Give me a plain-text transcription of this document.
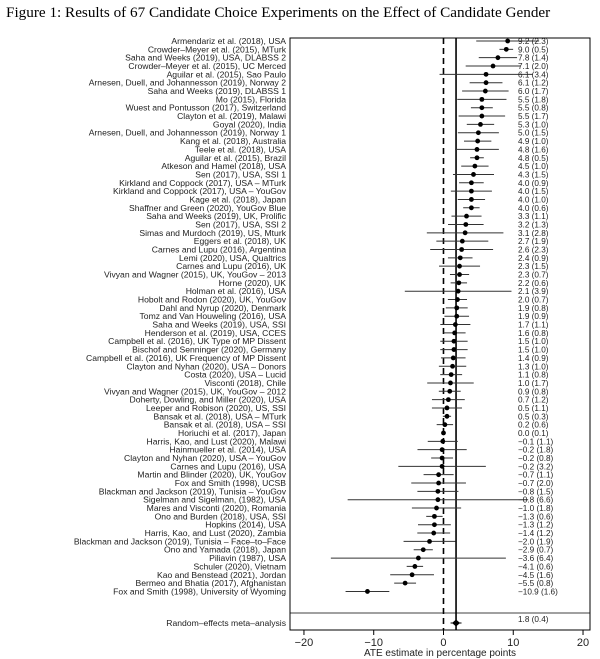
Figure 1: Results of 67 Candidate Choice Experiments on the Effect of Candidate Gender
Armendariz et al. (2018), USA	9.2 (2.3)
Crowder–Meyer et al. (2015), MTurk	9.0 (0.5)
Saha and Weeks (2019), USA, DLABSS 2	7.8 (1.4)
Crowder–Meyer et al. (2015), UC Merced	7.1 (2.0)
Aguilar et al. (2015), Sao Paulo	6.1 (3.4)
Arnesen, Duell, and Johannesson (2019), Norway 2	6.1 (1.2)
Saha and Weeks (2019), DLABSS 1	6.0 (1.7)
Mo (2015), Florida	5.5 (1.8)
Wuest and Pontusson (2017), Switzerland	5.5 (0.8)
Clayton et al. (2019), Malawi	5.5 (1.7)
Goyal (2020), India	5.3 (1.0)
Arnesen, Duell, and Johannesson (2019), Norway 1	5.0 (1.5)
Kang et al. (2018), Australia	4.9 (1.0)
Teele et al. (2018), USA	4.8 (1.6)
Aguilar et al. (2015), Brazil	4.8 (0.5)
Atkeson and Hamel (2018), USA	4.5 (1.0)
Sen (2017), USA, SSI 1	4.3 (1.5)
Kirkland and Coppock (2017), USA – MTurk	4.0 (0.9)
Kirkland and Coppock (2017), USA – YouGov	4.0 (1.5)
Kage et al. (2018), Japan	4.0 (1.0)
Shaffner and Green (2020), YouGov Blue	4.0 (0.6)
Saha and Weeks (2019), UK, Prolific	3.3 (1.1)
Sen (2017), USA, SSI 2	3.2 (1.3)
Simas and Murdoch (2019), US, Mturk	3.1 (2.8)
Eggers et al. (2018), UK	2.7 (1.9)
Carnes and Lupu (2016), Argentina	2.6 (2.3)
Lemi (2020), USA, Qualtrics	2.4 (0.9)
Carnes and Lupu (2016), UK	2.3 (1.5)
Vivyan and Wagner (2015), UK, YouGov – 2013	2.3 (0.7)
Horne (2020), UK	2.2 (0.6)
Holman et al. (2016), USA	2.1 (3.9)
Hobolt and Rodon (2020), UK, YouGov	2.0 (0.7)
Dahl and Nyrup (2020), Denmark	1.9 (0.8)
Tomz and Van Houweling (2016), USA	1.9 (0.9)
Saha and Weeks (2019), USA, SSI	1.7 (1.1)
Henderson et al. (2019), USA, CCES	1.6 (0.8)
Campbell et al. (2016), UK Type of MP Dissent	1.5 (1.0)
Bischof and Senninger (2020), Germany	1.5 (1.0)
Campbell et al. (2016), UK Frequency of MP Dissent	1.4 (0.9)
Clayton and Nyhan (2020), USA – Donors	1.3 (1.0)
Costa (2020), USA – Lucid	1.1 (0.8)
Visconti (2018), Chile	1.0 (1.7)
Vivyan and Wagner (2015), UK, YouGov – 2012	0.9 (0.8)
Doherty, Dowling, and Miller (2020), USA	0.7 (1.2)
Leeper and Robison (2020), US, SSI	0.5 (1.1)
Bansak et al. (2018), USA – MTurk	0.5 (0.3)
Bansak et al. (2018), USA – SSI	0.2 (0.6)
Horiuchi et al. (2017), Japan	0.0 (0.1)
Harris, Kao, and Lust (2020), Malawi	−0.1 (1.1)
Hainmueller et al. (2014), USA	−0.2 (1.8)
Clayton and Nyhan (2020), USA – YouGov	−0.2 (0.8)
Carnes and Lupu (2016), USA	−0.2 (3.2)
Martin and Blinder (2020), UK, YouGov	−0.7 (1.1)
Fox and Smith (1998), UCSB	−0.7 (2.0)
Blackman and Jackson (2019), Tunisia – YouGov	−0.8 (1.5)
Sigelman and Sigelman, (1982), USA	−0.8 (6.6)
Mares and Visconti (2020), Romania	−1.0 (1.8)
Ono and Burden (2018), USA, SSI	−1.3 (0.6)
Hopkins (2014), USA	−1.3 (1.2)
Harris, Kao, and Lust (2020), Zambia	−1.4 (1.2)
Blackman and Jackson (2019), Tunisia – Face–to–Face	−2.0 (1.9)
Ono and Yamada (2018), Japan	−2.9 (0.7)
Piliavin (1987), USA	−3.6 (6.4)
Schuler (2020), Vietnam	−4.1 (0.6)
Kao and Benstead (2021), Jordan	−4.5 (1.6)
Bermeo and Bhatia (2017), Afghanistan	−5.5 (0.8)
Fox and Smith (1998), University of Wyoming	−10.9 (1.6)
Random–effects meta–analysis	1.8 (0.4)
−20	−10	0	10	20
ATE estimate in percentage points
